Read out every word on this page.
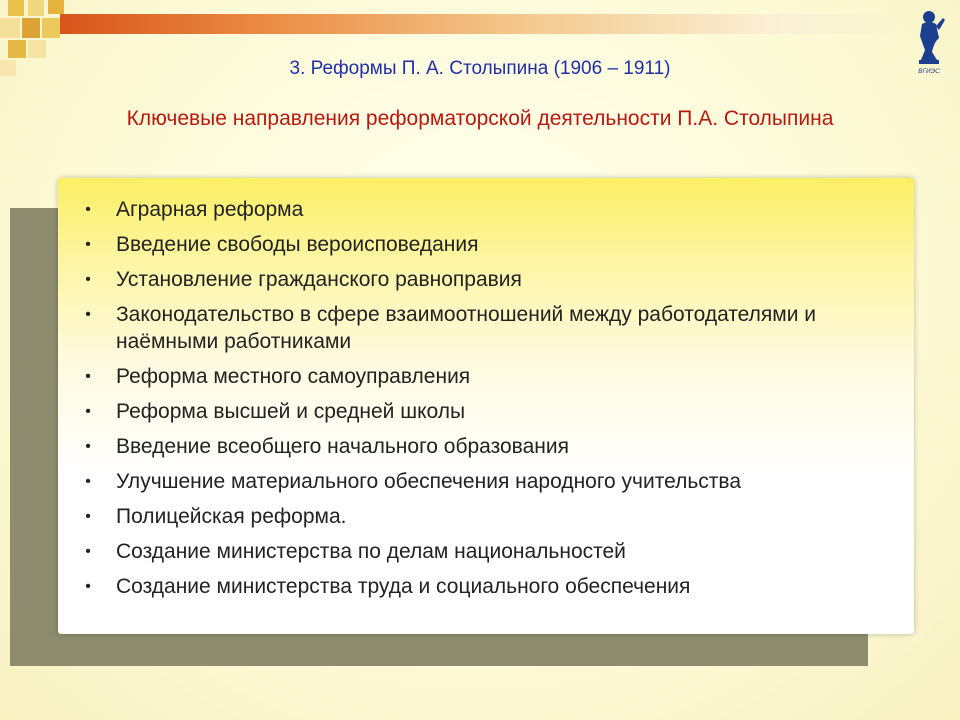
ВГИЭС
3. Реформы П. А. Столыпина (1906 – 1911)
Ключевые направления реформаторской деятельности П.А. Столыпина
• Аграрная реформа
• Введение свободы вероисповедания
• Установление гражданского равноправия
• Законодательство в сфере взаимоотношений между работодателями и наёмными работниками
• Реформа местного самоуправления
• Реформа высшей и средней школы
• Введение всеобщего начального образования
• Улучшение материального обеспечения народного учительства
• Полицейская реформа.
• Создание министерства по делам национальностей
• Создание министерства труда и социального обеспечения
